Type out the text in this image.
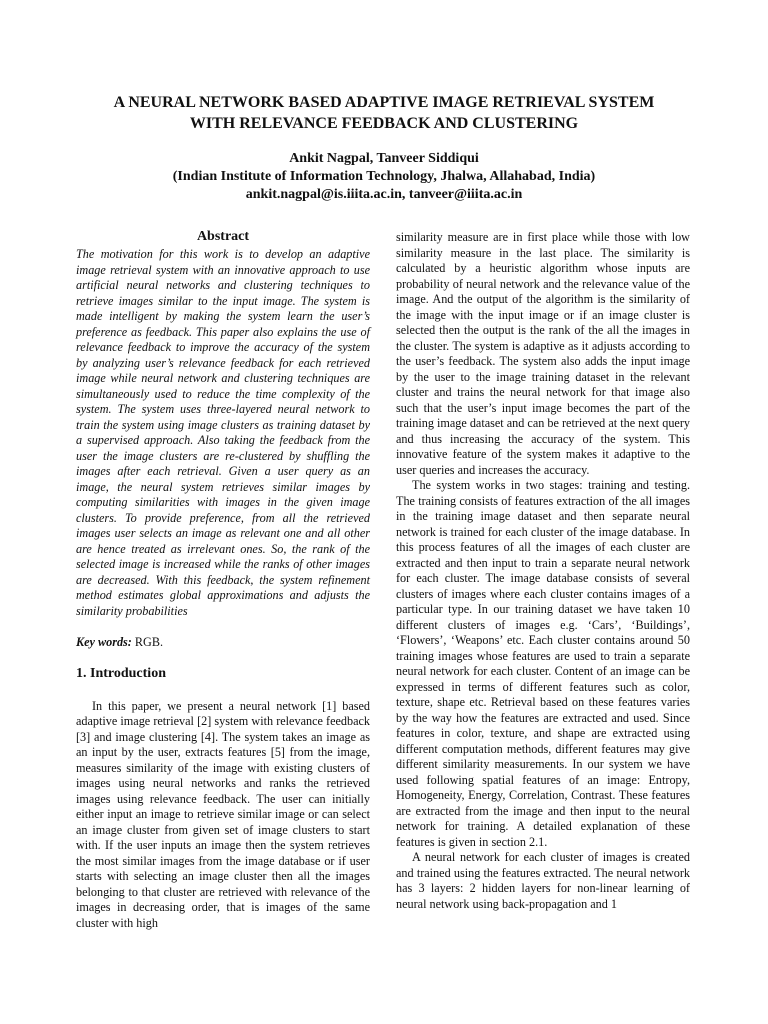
A NEURAL NETWORK BASED ADAPTIVE IMAGE RETRIEVAL SYSTEM
WITH RELEVANCE FEEDBACK AND CLUSTERING
Ankit Nagpal, Tanveer Siddiqui
(Indian Institute of Information Technology, Jhalwa, Allahabad, India)
ankit.nagpal@is.iiita.ac.in, tanveer@iiita.ac.in
Abstract

The motivation for this work is to develop an adaptive image retrieval system with an innovative approach to use artificial neural networks and clustering techniques to retrieve images similar to the input image. The system is made intelligent by making the system learn the user’s preference as feedback. This paper also explains the use of relevance feedback to improve the accuracy of the system by analyzing user’s relevance feedback for each retrieved image while neural network and clustering techniques are simultaneously used to reduce the time complexity of the system. The system uses three-layered neural network to train the system using image clusters as training dataset by a supervised approach. Also taking the feedback from the user the image clusters are re-clustered by shuffling the images after each retrieval. Given a user query as an image, the neural system retrieves similar images by computing similarities with images in the given image clusters. To provide preference, from all the retrieved images user selects an image as relevant one and all other are hence treated as irrelevant ones. So, the rank of the selected image is increased while the ranks of other images are decreased. With this feedback, the system refinement method estimates global approximations and adjusts the similarity probabilities

Key words: RGB.

1. Introduction

In this paper, we present a neural network [1] based adaptive image retrieval [2] system with relevance feedback [3] and image clustering [4]. The system takes an image as an input by the user, extracts features [5] from the image, measures similarity of the image with existing clusters of images using neural networks and ranks the retrieved images using relevance feedback. The user can initially either input an image to retrieve similar image or can select an image cluster from given set of image clusters to start with. If the user inputs an image then the system retrieves the most similar images from the image database or if user starts with selecting an image cluster then all the images belonging to that cluster are retrieved with relevance of the images in decreasing order, that is images of the same cluster with high

similarity measure are in first place while those with low similarity measure in the last place. The similarity is calculated by a heuristic algorithm whose inputs are probability of neural network and the relevance value of the image. And the output of the algorithm is the similarity of the image with the input image or if an image cluster is selected then the output is the rank of the all the images in the cluster. The system is adaptive as it adjusts according to the user’s feedback. The system also adds the input image by the user to the image training dataset in the relevant cluster and trains the neural network for that image also such that the user’s input image becomes the part of the training image dataset and can be retrieved at the next query and thus increasing the accuracy of the system. This innovative feature of the system makes it adaptive to the user queries and increases the accuracy.

The system works in two stages: training and testing. The training consists of features extraction of the all images in the training image dataset and then separate neural network is trained for each cluster of the image database. In this process features of all the images of each cluster are extracted and then input to train a separate neural network for each cluster. The image database consists of several clusters of images where each cluster contains images of a particular type. In our training dataset we have taken 10 different clusters of images e.g. ‘Cars’, ‘Buildings’, ‘Flowers’, ‘Weapons’ etc. Each cluster contains around 50 training images whose features are used to train a separate neural network for each cluster. Content of an image can be expressed in terms of different features such as color, texture, shape etc. Retrieval based on these features varies by the way how the features are extracted and used. Since features in color, texture, and shape are extracted using different computation methods, different features may give different similarity measurements. In our system we have used following spatial features of an image: Entropy, Homogeneity, Energy, Correlation, Contrast. These features are extracted from the image and then input to the neural network for training. A detailed explanation of these features is given in section 2.1.

A neural network for each cluster of images is created and trained using the features extracted. The neural network has 3 layers: 2 hidden layers for non-linear learning of neural network using back-propagation and 1
